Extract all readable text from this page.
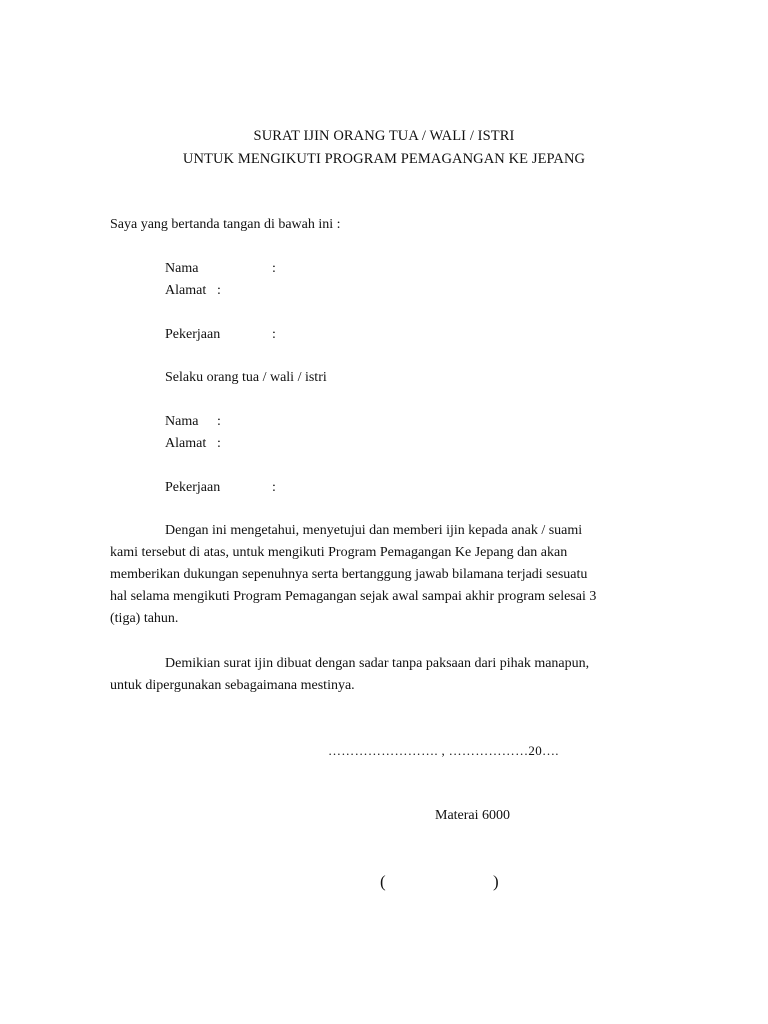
SURAT IJIN ORANG TUA / WALI / ISTRI
UNTUK MENGIKUTI PROGRAM PEMAGANGAN KE JEPANG
Saya yang bertanda tangan di bawah ini :
Nama	:
Alamat :
Pekerjaan	:
Selaku orang tua / wali / istri
Nama :
Alamat :
Pekerjaan	:
Dengan ini mengetahui, menyetujui dan memberi ijin kepada anak / suami
kami tersebut di atas, untuk mengikuti Program Pemagangan Ke Jepang dan akan
memberikan dukungan sepenuhnya serta bertanggung jawab bilamana terjadi sesuatu
hal selama mengikuti Program Pemagangan sejak awal sampai akhir program selesai 3
(tiga) tahun.
Demikian surat ijin dibuat dengan sadar tanpa paksaan dari pihak manapun,
untuk dipergunakan sebagaimana mestinya.
……………………. , ………………20….
Materai 6000
(	)
